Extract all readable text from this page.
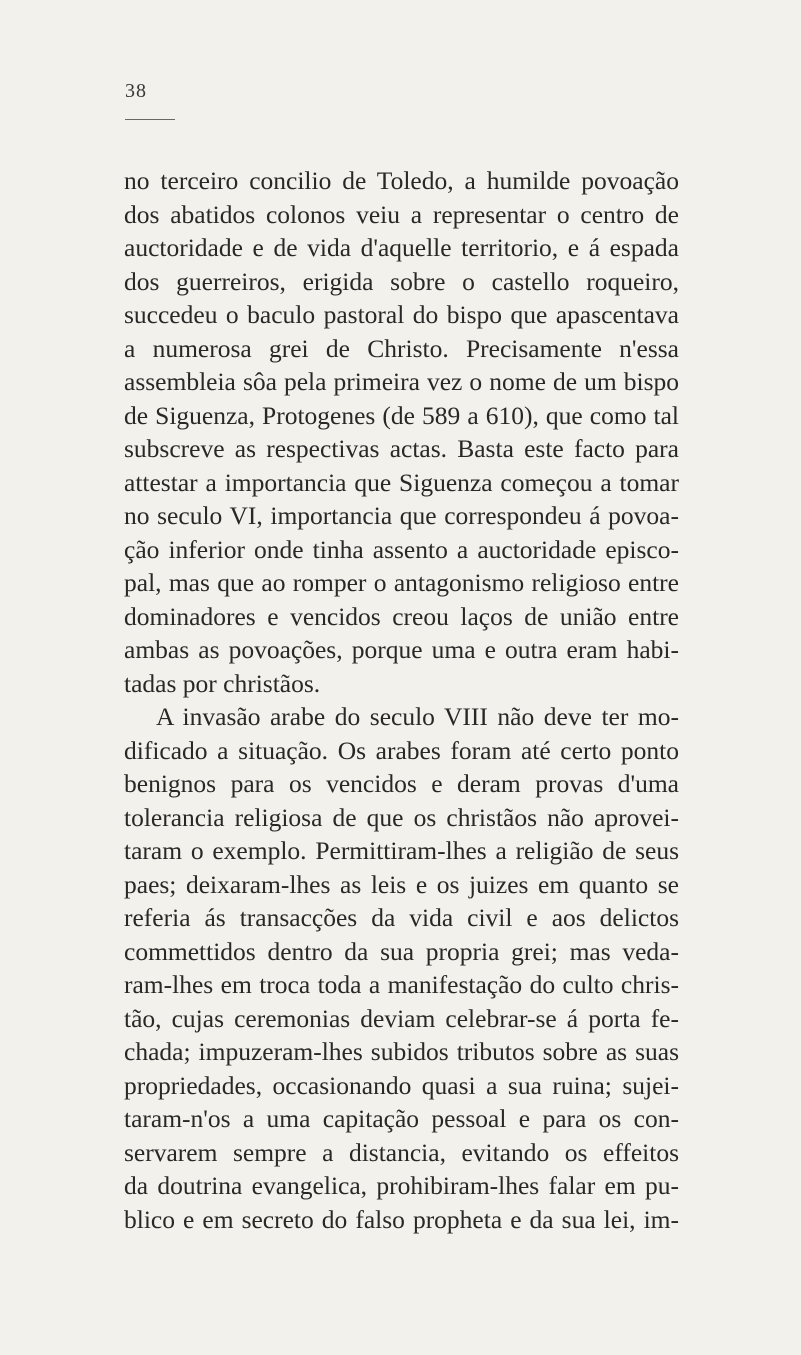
38

no terceiro concilio de Toledo, a humilde povoação
dos abatidos colonos veiu a representar o centro de
auctoridade e de vida d'aquelle territorio, e á espada
dos guerreiros, erigida sobre o castello roqueiro,
succedeu o baculo pastoral do bispo que apascentava
a numerosa grei de Christo. Precisamente n'essa
assembleia sôa pela primeira vez o nome de um bispo
de Siguenza, Protogenes (de 589 a 610), que como tal
subscreve as respectivas actas. Basta este facto para
attestar a importancia que Siguenza começou a tomar
no seculo VI, importancia que correspondeu á povoa-
ção inferior onde tinha assento a auctoridade episco-
pal, mas que ao romper o antagonismo religioso entre
dominadores e vencidos creou laços de união entre
ambas as povoações, porque uma e outra eram habi-
tadas por christãos.

A invasão arabe do seculo VIII não deve ter mo-
dificado a situação. Os arabes foram até certo ponto
benignos para os vencidos e deram provas d'uma
tolerancia religiosa de que os christãos não aprovei-
taram o exemplo. Permittiram-lhes a religião de seus
paes; deixaram-lhes as leis e os juizes em quanto se
referia ás transacções da vida civil e aos delictos
commettidos dentro da sua propria grei; mas veda-
ram-lhes em troca toda a manifestação do culto chris-
tão, cujas ceremonias deviam celebrar-se á porta fe-
chada; impuzeram-lhes subidos tributos sobre as suas
propriedades, occasionando quasi a sua ruina; sujei-
taram-n'os a uma capitação pessoal e para os con-
servarem sempre a distancia, evitando os effeitos
da doutrina evangelica, prohibiram-lhes falar em pu-
blico e em secreto do falso propheta e da sua lei, im-
